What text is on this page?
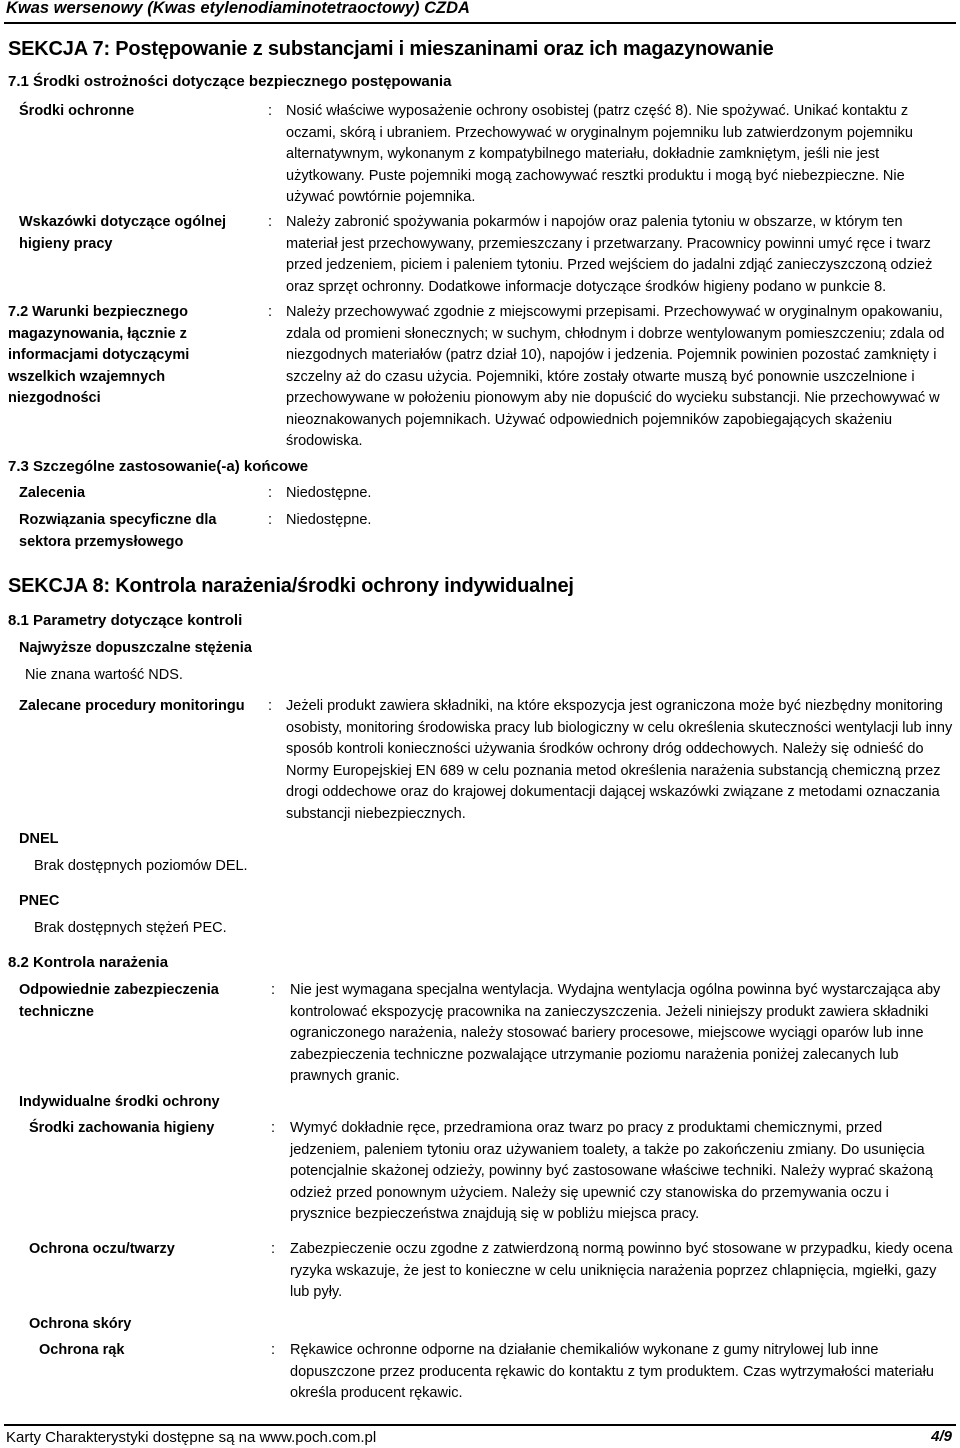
Kwas wersenowy (Kwas etylenodiaminotetraoctowy) CZDA
SEKCJA 7: Postępowanie z substancjami i mieszaninami oraz ich magazynowanie
7.1 Środki ostrożności dotyczące bezpiecznego postępowania
Środki ochronne	: Nosić właściwe wyposażenie ochrony osobistej (patrz część 8). Nie spożywać. Unikać kontaktu z oczami, skórą i ubraniem. Przechowywać w oryginalnym pojemniku lub zatwierdzonym pojemniku alternatywnym, wykonanym z kompatybilnego materiału, dokładnie zamkniętym, jeśli nie jest użytkowany. Puste pojemniki mogą zachowywać resztki produktu i mogą być niebezpieczne. Nie używać powtórnie pojemnika.
Wskazówki dotyczące ogólnej higieny pracy
: Należy zabronić spożywania pokarmów i napojów oraz palenia tytoniu w obszarze, w którym ten materiał jest przechowywany, przemieszczany i przetwarzany. Pracownicy powinni umyć ręce i twarz przed jedzeniem, piciem i paleniem tytoniu. Przed wejściem do jadalni zdjąć zanieczyszczoną odzież oraz sprzęt ochronny. Dodatkowe informacje dotyczące środków higieny podano w punkcie 8.
7.2 Warunki bezpiecznego magazynowania, łącznie z informacjami dotyczącymi wszelkich wzajemnych niezgodności
: Należy przechowywać zgodnie z miejscowymi przepisami. Przechowywać w oryginalnym opakowaniu, zdala od promieni słonecznych; w suchym, chłodnym i dobrze wentylowanym pomieszczeniu; zdala od niezgodnych materiałów (patrz dział 10), napojów i jedzenia. Pojemnik powinien pozostać zamknięty i szczelny aż do czasu użycia. Pojemniki, które zostały otwarte muszą być ponownie uszczelnione i przechowywane w położeniu pionowym aby nie dopuścić do wycieku substancji. Nie przechowywać w nieoznakowanych pojemnikach. Używać odpowiednich pojemników zapobiegających skażeniu środowiska.
7.3 Szczególne zastosowanie(-a) końcowe
Zalecenia	: Niedostępne.
Rozwiązania specyficzne dla sektora przemysłowego
: Niedostępne.
SEKCJA 8: Kontrola narażenia/środki ochrony indywidualnej
8.1 Parametry dotyczące kontroli
Najwyższe dopuszczalne stężenia
Nie znana wartość NDS.
Zalecane procedury monitoringu	: Jeżeli produkt zawiera składniki, na które ekspozycja jest ograniczona może być niezbędny monitoring osobisty, monitoring środowiska pracy lub biologiczny w celu określenia skuteczności wentylacji lub inny sposób kontroli konieczności używania środków ochrony dróg oddechowych. Należy się odnieść do Normy Europejskiej EN 689 w celu poznania metod określenia narażenia substancją chemiczną przez drogi oddechowe oraz do krajowej dokumentacji dającej wskazówki związane z metodami oznaczania substancji niebezpiecznych.
DNEL
Brak dostępnych poziomów DEL.
PNEC
Brak dostępnych stężeń PEC.
8.2 Kontrola narażenia
Odpowiednie zabezpieczenia techniczne
: Nie jest wymagana specjalna wentylacja. Wydajna wentylacja ogólna powinna być wystarczająca aby kontrolować ekspozycję pracownika na zanieczyszczenia. Jeżeli niniejszy produkt zawiera składniki ograniczonego narażenia, należy stosować bariery procesowe, miejscowe wyciągi oparów lub inne zabezpieczenia techniczne pozwalające utrzymanie poziomu narażenia poniżej zalecanych lub prawnych granic.
Indywidualne środki ochrony
Środki zachowania higieny	: Wymyć dokładnie ręce, przedramiona oraz twarz po pracy z produktami chemicznymi, przed jedzeniem, paleniem tytoniu oraz używaniem toalety, a także po zakończeniu zmiany. Do usunięcia potencjalnie skażonej odzieży, powinny być zastosowane właściwe techniki. Należy wyprać skażoną odzież przed ponownym użyciem. Należy się upewnić czy stanowiska do przemywania oczu i prysznice bezpieczeństwa znajdują się w pobliżu miejsca pracy.
Ochrona oczu/twarzy	: Zabezpieczenie oczu zgodne z zatwierdzoną normą powinno być stosowane w przypadku, kiedy ocena ryzyka wskazuje, że jest to konieczne w celu uniknięcia narażenia poprzez chlapnięcia, mgiełki, gazy lub pyły.
Ochrona skóry
Ochrona rąk	: Rękawice ochronne odporne na działanie chemikaliów wykonane z gumy nitrylowej lub inne dopuszczone przez producenta rękawic do kontaktu z tym produktem. Czas wytrzymałości materiału określa producent rękawic.
Karty Charakterystyki dostępne są na www.poch.com.pl	4/9
